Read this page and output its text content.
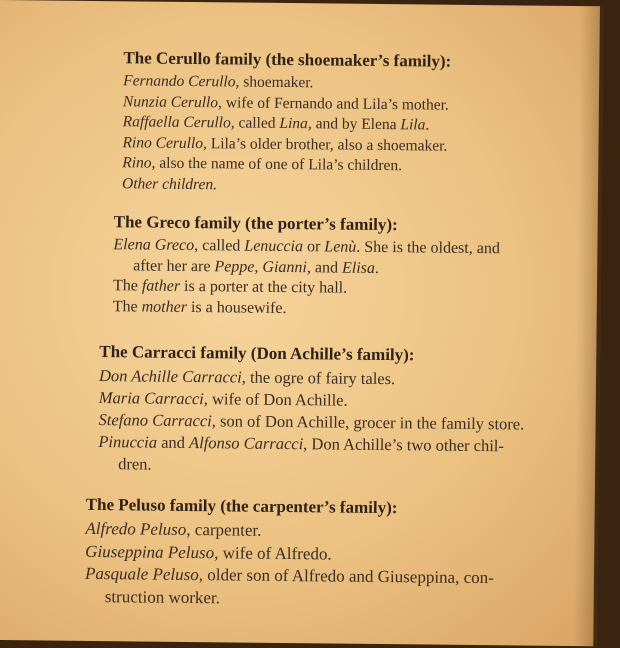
The Cerullo family (the shoemaker’s family):
Fernando Cerullo, shoemaker.
Nunzia Cerullo, wife of Fernando and Lila’s mother.
Raffaella Cerullo, called Lina, and by Elena Lila.
Rino Cerullo, Lila’s older brother, also a shoemaker.
Rino, also the name of one of Lila’s children.
Other children.
The Greco family (the porter’s family):
Elena Greco, called Lenuccia or Lenù. She is the oldest, and
after her are Peppe, Gianni, and Elisa.
The father is a porter at the city hall.
The mother is a housewife.
The Carracci family (Don Achille’s family):
Don Achille Carracci, the ogre of fairy tales.
Maria Carracci, wife of Don Achille.
Stefano Carracci, son of Don Achille, grocer in the family store.
Pinuccia and Alfonso Carracci, Don Achille’s two other chil-
dren.
The Peluso family (the carpenter’s family):
Alfredo Peluso, carpenter.
Giuseppina Peluso, wife of Alfredo.
Pasquale Peluso, older son of Alfredo and Giuseppina, con-
struction worker.
